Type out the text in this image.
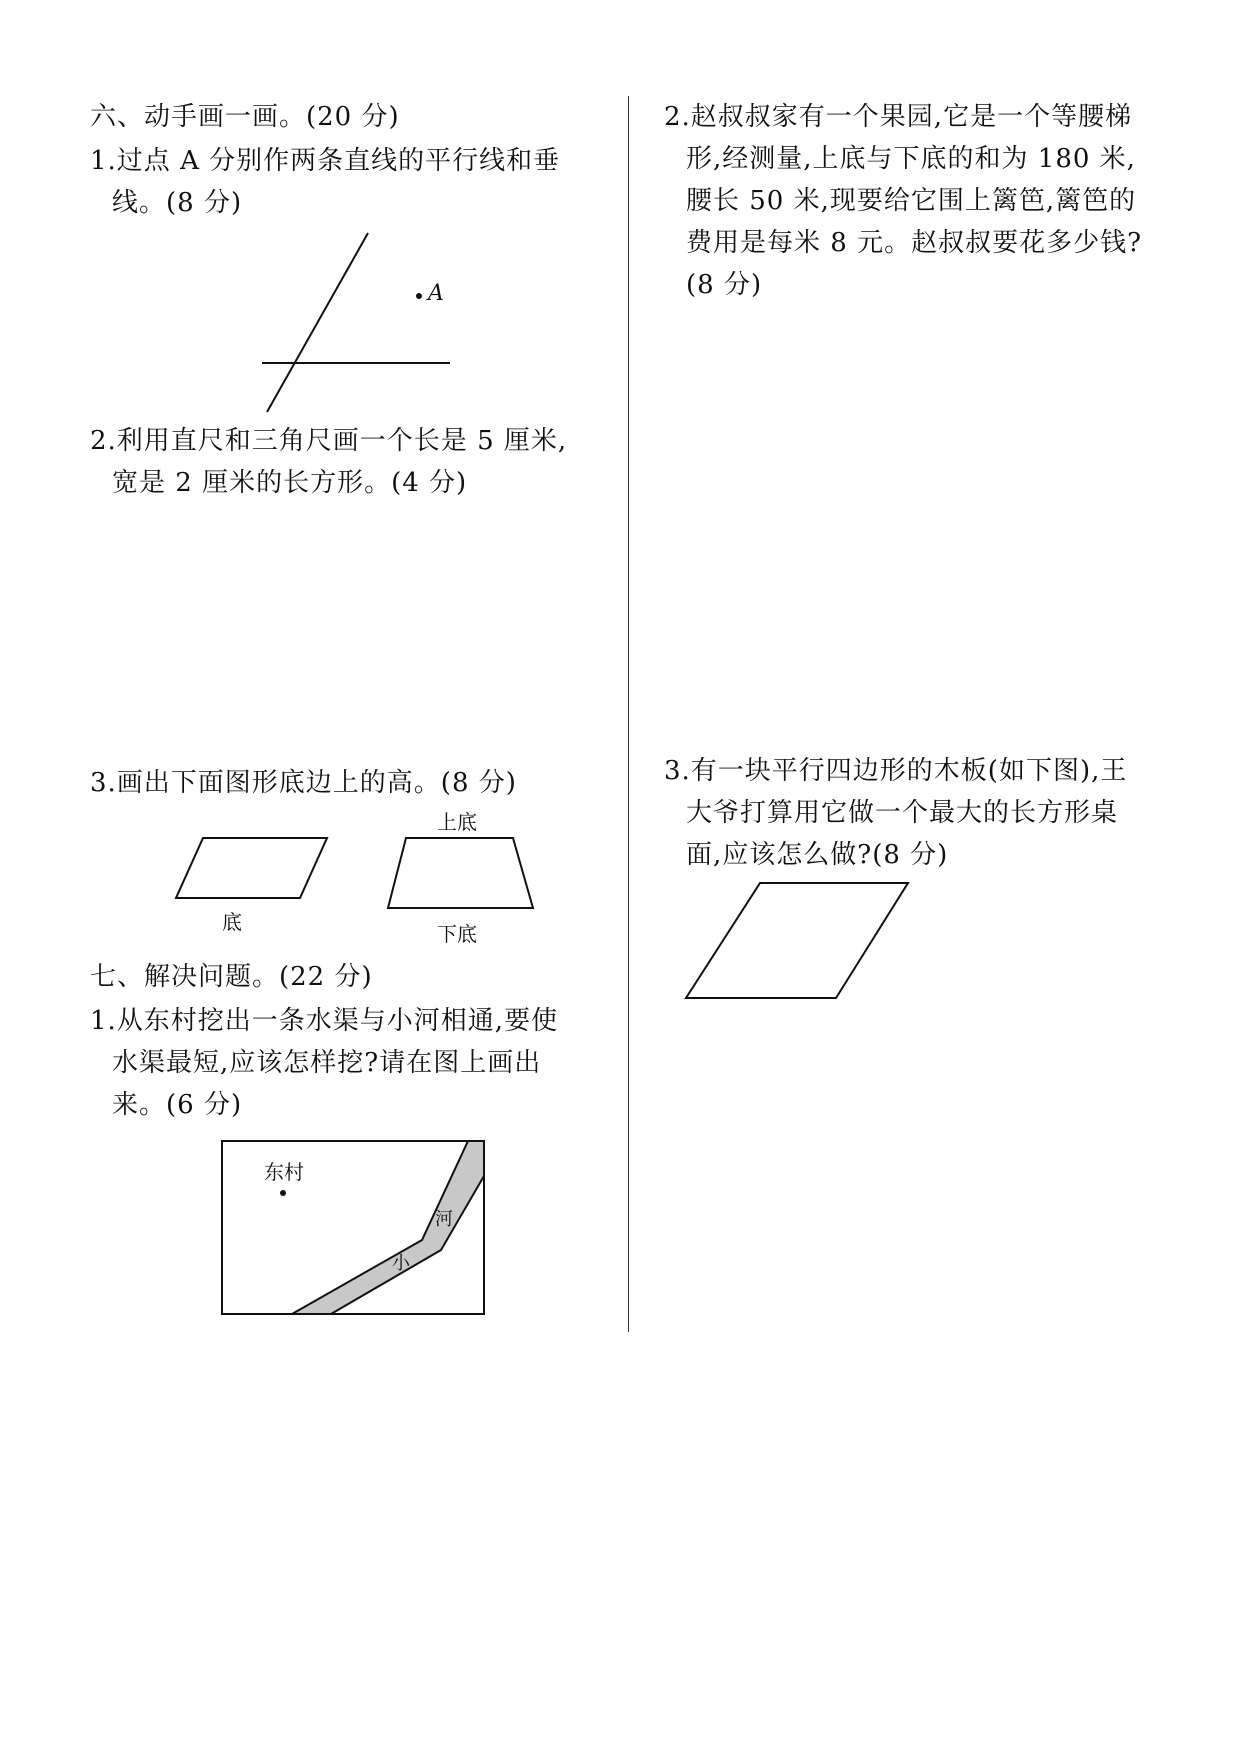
六、动手画一画。(20 分)
1.过点 A 分别作两条直线的平行线和垂
线。(8 分)
A
2.利用直尺和三角尺画一个长是 5 厘米,
宽是 2 厘米的长方形。(4 分)
3.画出下面图形底边上的高。(8 分)
底
上底
下底
七、解决问题。(22 分)
1.从东村挖出一条水渠与小河相通,要使
水渠最短,应该怎样挖?请在图上画出
来。(6 分)
东村
小
河
2.赵叔叔家有一个果园,它是一个等腰梯
形,经测量,上底与下底的和为 180 米,
腰长 50 米,现要给它围上篱笆,篱笆的
费用是每米 8 元。赵叔叔要花多少钱?
(8 分)
3.有一块平行四边形的木板(如下图),王
大爷打算用它做一个最大的长方形桌
面,应该怎么做?(8 分)
